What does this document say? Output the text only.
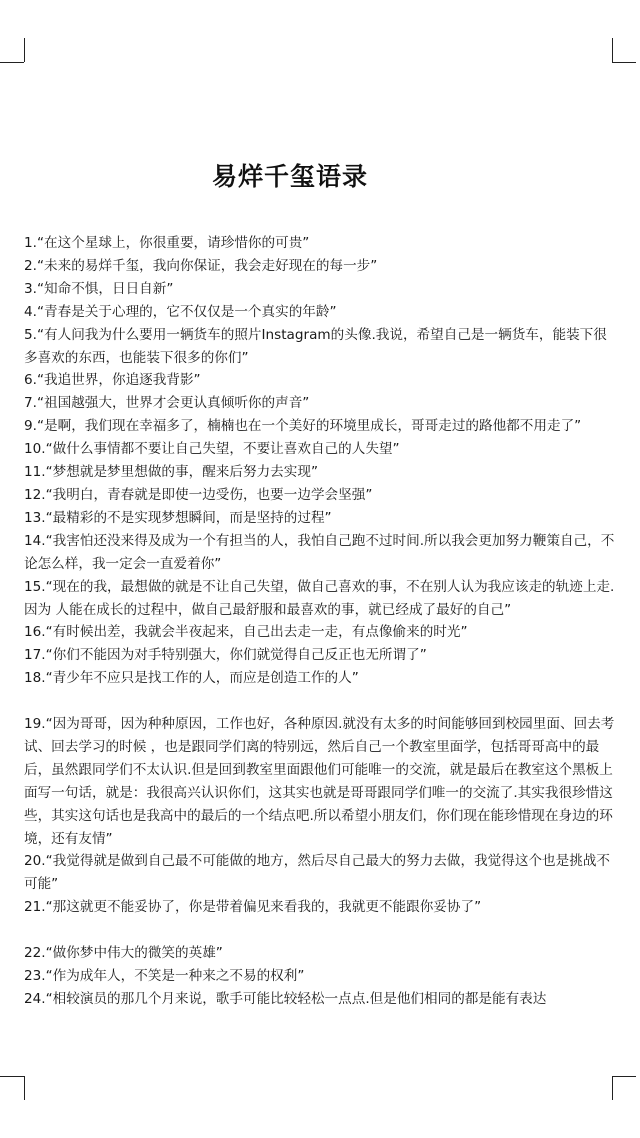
易烊千玺语录

1.“在这个星球上，你很重要，请珍惜你的可贵”

2.“未来的易烊千玺，我向你保证，我会走好现在的每一步”

3.“知命不惧，日日自新”

4.“青春是关于心理的，它不仅仅是一个真实的年龄”

5.“有人问我为什么要用一辆货车的照片Instagram的头像.我说，希望自己是一辆货车，能装下很多喜欢的东西，也能装下很多的你们”

6.“我追世界，你追逐我背影”

7.“祖国越强大，世界才会更认真倾听你的声音”

9.“是啊，我们现在幸福多了，楠楠也在一个美好的环境里成长，哥哥走过的路他都不用走了”

10.“做什么事情都不要让自己失望，不要让喜欢自己的人失望”

11.“梦想就是梦里想做的事，醒来后努力去实现”

12.“我明白，青春就是即使一边受伤，也要一边学会坚强”

13.“最精彩的不是实现梦想瞬间，而是坚持的过程”

14.“我害怕还没来得及成为一个有担当的人，我怕自己跑不过时间.所以我会更加努力鞭策自己，不论怎么样，我一定会一直爱着你”

15.“现在的我，最想做的就是不让自己失望，做自己喜欢的事，不在别人认为我应该走的轨迹上走.因为 人能在成长的过程中，做自己最舒服和最喜欢的事，就已经成了最好的自己”

16.“有时候出差，我就会半夜起来，自己出去走一走，有点像偷来的时光”

17.“你们不能因为对手特别强大，你们就觉得自己反正也无所谓了”

18.“青少年不应只是找工作的人，而应是创造工作的人”

19.“因为哥哥，因为种种原因，工作也好，各种原因.就没有太多的时间能够回到校园里面、回去考试、回去学习的时候 ，也是跟同学们离的特别远，然后自己一个教室里面学，包括哥哥高中的最后，虽然跟同学们不太认识.但是回到教室里面跟他们可能唯一的交流，就是最后在教室这个黑板上面写一句话，就是：我很高兴认识你们，这其实也就是哥哥跟同学们唯一的交流了.其实我很珍惜这些，其实这句话也是我高中的最后的一个结点吧.所以希望小朋友们，你们现在能珍惜现在身边的环境，还有友情”

20.“我觉得就是做到自己最不可能做的地方，然后尽自己最大的努力去做，我觉得这个也是挑战不可能”

21.“那这就更不能妥协了，你是带着偏见来看我的，我就更不能跟你妥协了”

22.“做你梦中伟大的微笑的英雄”

23.“作为成年人，不笑是一种来之不易的权利”

24.“相较演员的那几个月来说，歌手可能比较轻松一点点.但是他们相同的都是能有表达
